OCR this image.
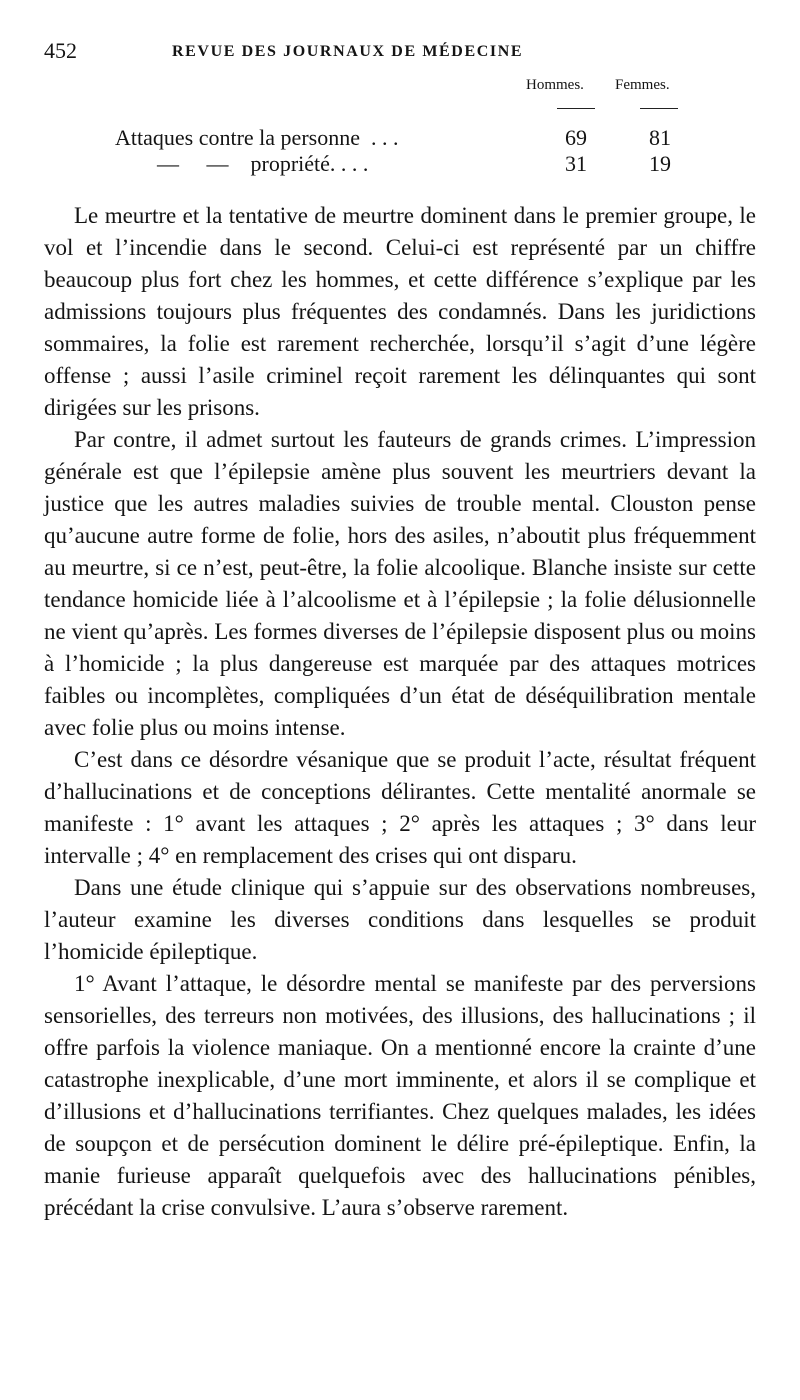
452	REVUE DES JOURNAUX DE MÉDECINE
Hommes. Femmes.
Attaques contre la personne  . . .	69	81
—     —    propriété. . . .	31	19

Le meurtre et la tentative de meurtre dominent dans le premier groupe, le vol et l’incendie dans le second. Celui-ci est représenté par un chiffre beaucoup plus fort chez les hommes, et cette différence s’explique par les admissions toujours plus fréquentes des condamnés. Dans les juridictions sommaires, la folie est rarement recherchée, lorsqu’il s’agit d’une légère offense ; aussi l’asile criminel reçoit rarement les délinquantes qui sont dirigées sur les prisons.

Par contre, il admet surtout les fauteurs de grands crimes. L’impression générale est que l’épilepsie amène plus souvent les meurtriers devant la justice que les autres maladies suivies de trouble mental. Clouston pense qu’aucune autre forme de folie, hors des asiles, n’aboutit plus fréquemment au meurtre, si ce n’est, peut-être, la folie alcoolique. Blanche insiste sur cette tendance homicide liée à l’alcoolisme et à l’épilepsie ; la folie délusionnelle ne vient qu’après. Les formes diverses de l’épilepsie disposent plus ou moins à l’homicide ; la plus dangereuse est marquée par des attaques motrices faibles ou incomplètes, compliquées d’un état de déséquilibration mentale avec folie plus ou moins intense.

C’est dans ce désordre vésanique que se produit l’acte, résultat fréquent d’hallucinations et de conceptions délirantes. Cette mentalité anormale se manifeste : 1° avant les attaques ; 2° après les attaques ; 3° dans leur intervalle ; 4° en remplacement des crises qui ont disparu.

Dans une étude clinique qui s’appuie sur des observations nombreuses, l’auteur examine les diverses conditions dans lesquelles se produit l’homicide épileptique.

1° Avant l’attaque, le désordre mental se manifeste par des perversions sensorielles, des terreurs non motivées, des illusions, des hallucinations ; il offre parfois la violence maniaque. On a mentionné encore la crainte d’une catastrophe inexplicable, d’une mort imminente, et alors il se complique et d’illusions et d’hallucinations terrifiantes. Chez quelques malades, les idées de soupçon et de persécution dominent le délire pré-épileptique. Enfin, la manie furieuse apparaît quelquefois avec des hallucinations pénibles, précédant la crise convulsive. L’aura s’observe rarement.
